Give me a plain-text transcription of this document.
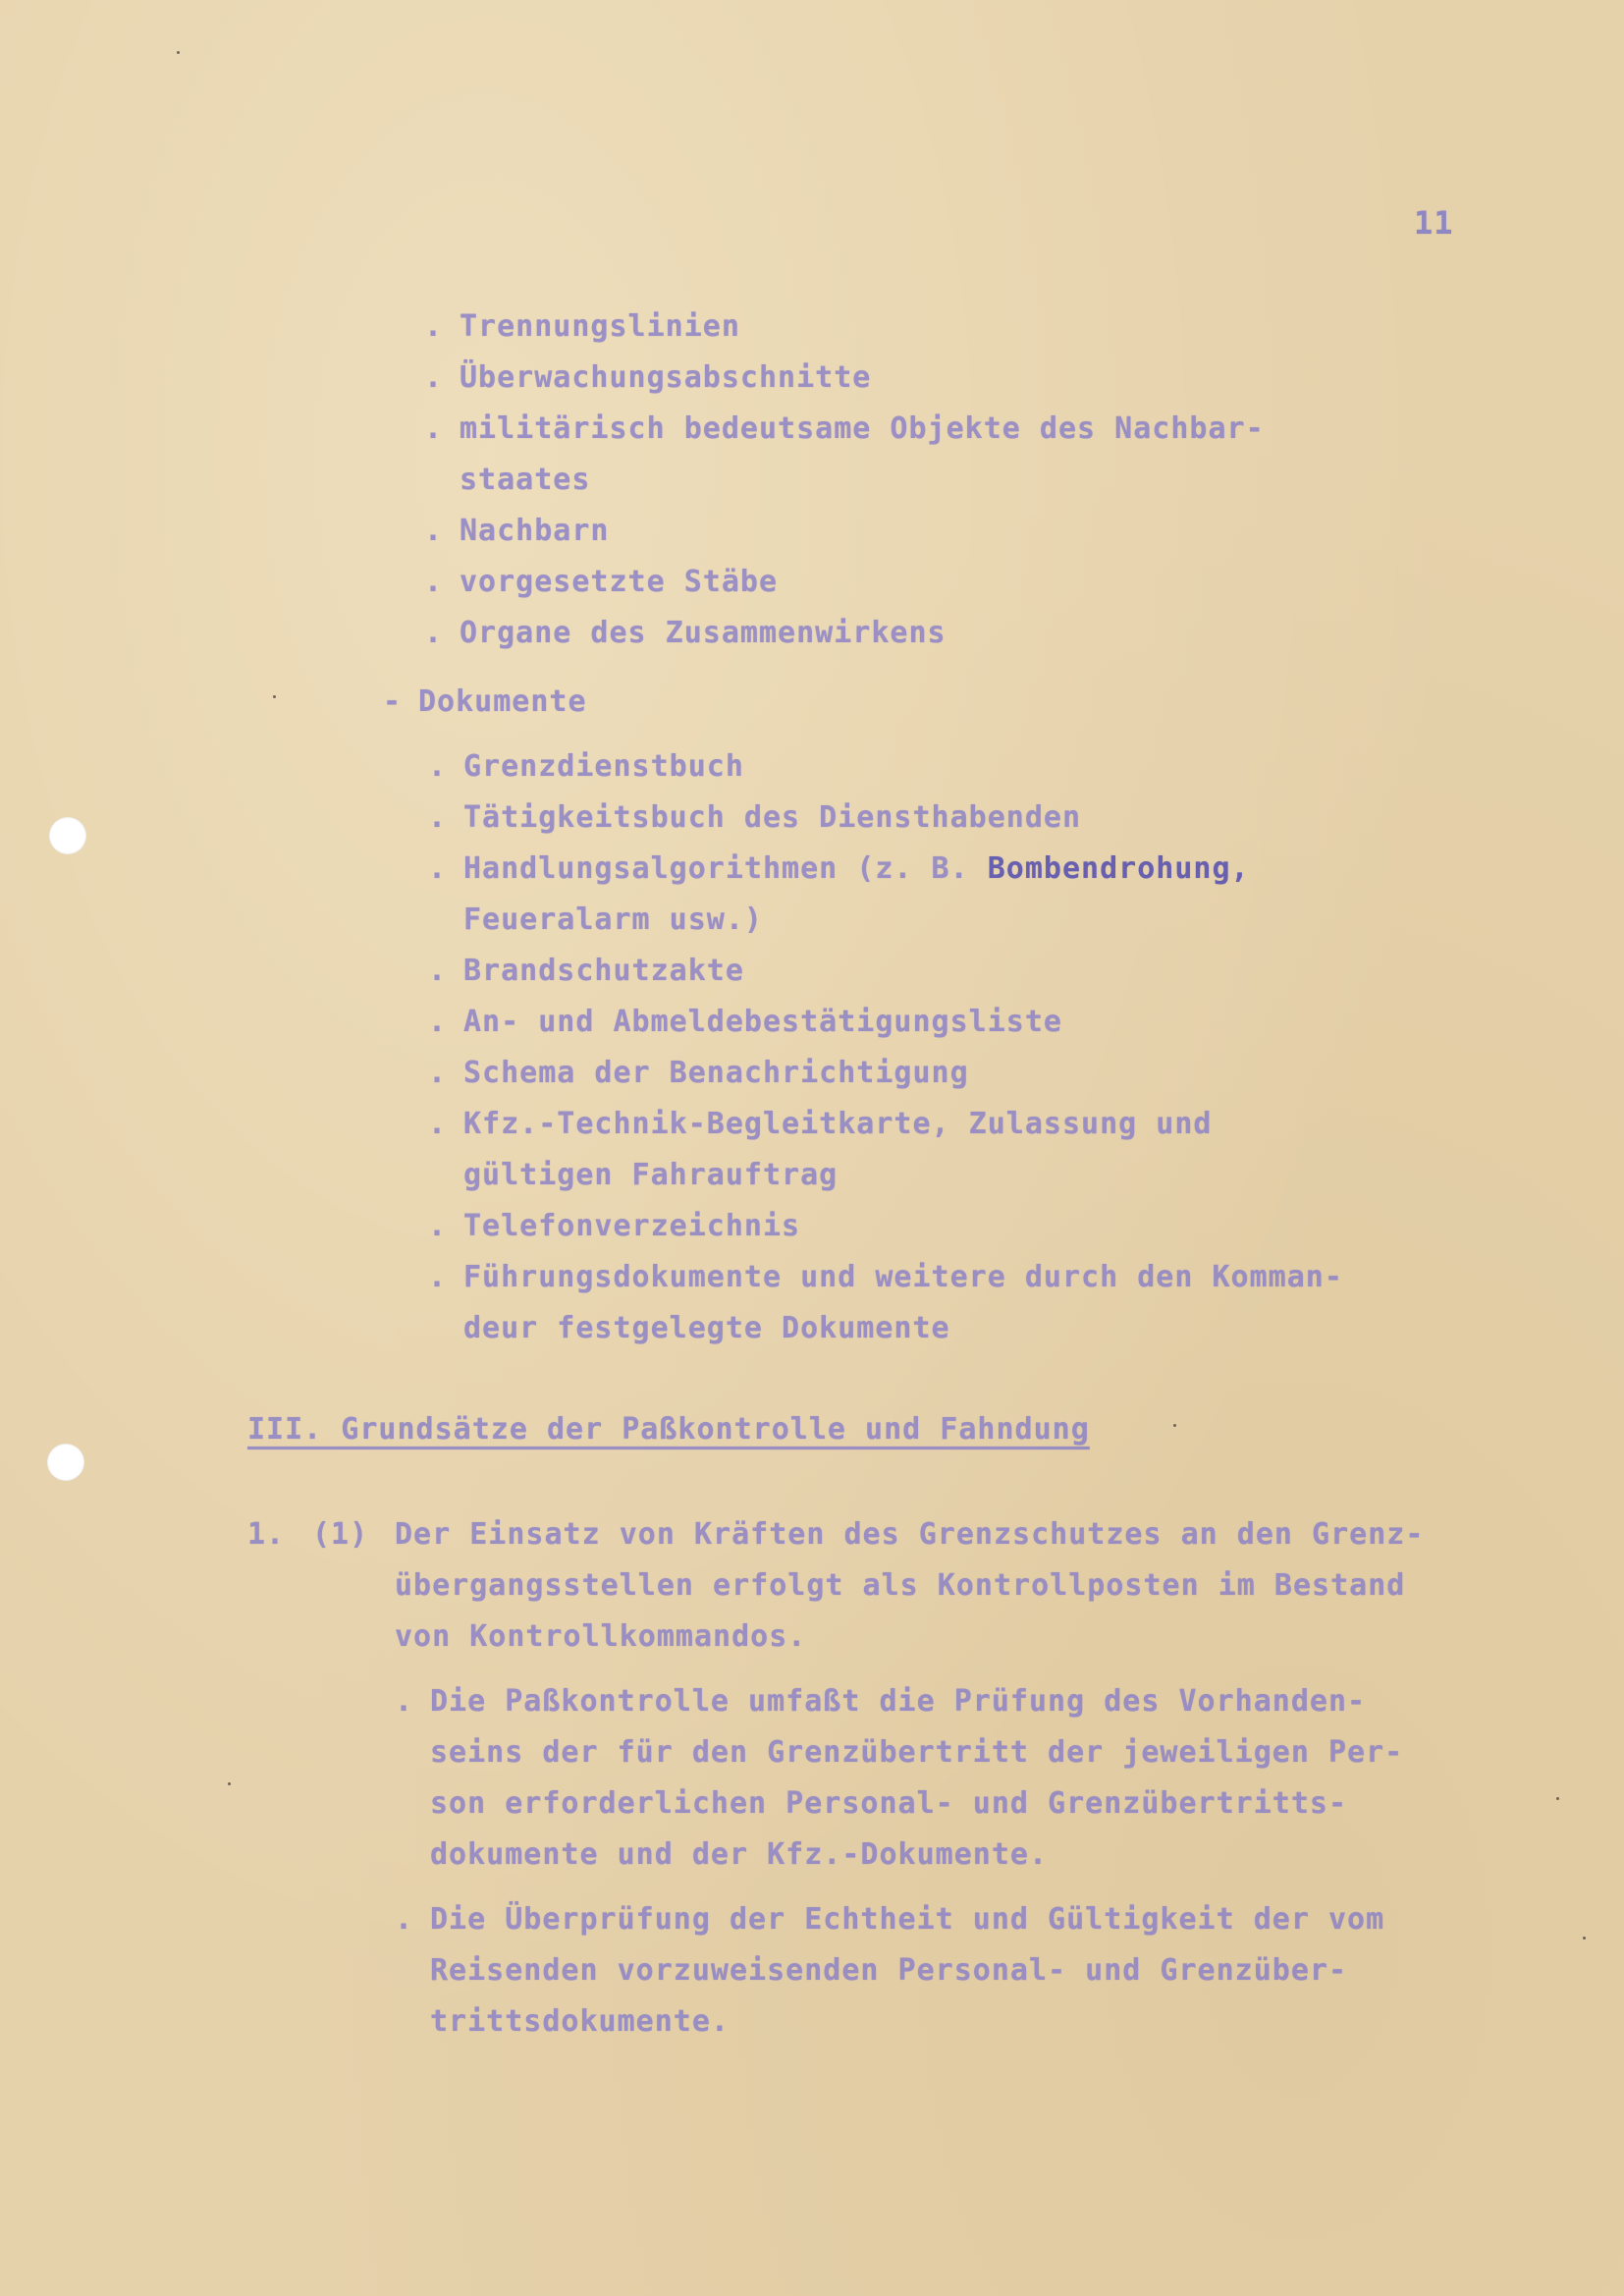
11
. Trennungslinien
. Überwachungsabschnitte
. militärisch bedeutsame Objekte des Nachbar-
staates
. Nachbarn
. vorgesetzte Stäbe
. Organe des Zusammenwirkens
- Dokumente
. Grenzdienstbuch
. Tätigkeitsbuch des Diensthabenden
. Handlungsalgorithmen (z. B. Bombendrohung,
Feueralarm usw.)
. Brandschutzakte
. An- und Abmeldebestätigungsliste
. Schema der Benachrichtigung
. Kfz.-Technik-Begleitkarte, Zulassung und
gültigen Fahrauftrag
. Telefonverzeichnis
. Führungsdokumente und weitere durch den Komman-
deur festgelegte Dokumente
III. Grundsätze der Paßkontrolle und Fahndung
1. (1) Der Einsatz von Kräften des Grenzschutzes an den Grenz-
übergangsstellen erfolgt als Kontrollposten im Bestand
von Kontrollkommandos.
. Die Paßkontrolle umfaßt die Prüfung des Vorhanden-
seins der für den Grenzübertritt der jeweiligen Per-
son erforderlichen Personal- und Grenzübertritts-
dokumente und der Kfz.-Dokumente.
. Die Überprüfung der Echtheit und Gültigkeit der vom
Reisenden vorzuweisenden Personal- und Grenzüber-
trittsdokumente.
